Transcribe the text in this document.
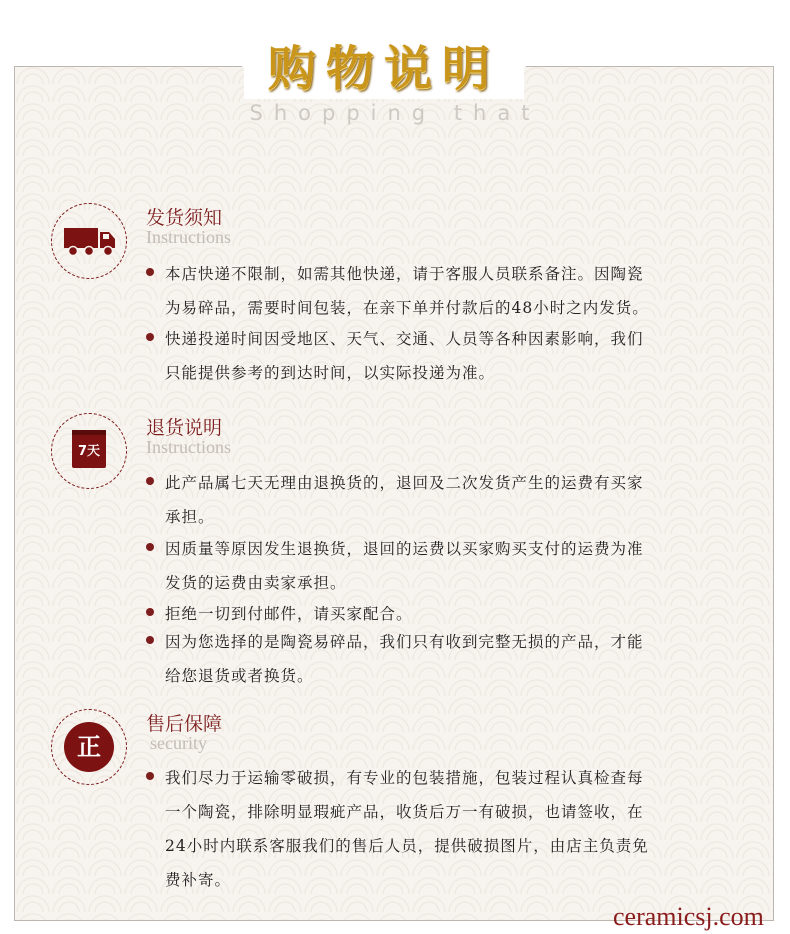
购物说明
Shopping that
发货须知
Instructions
本店快递不限制，如需其他快递，请于客服人员联系备注。因陶瓷
为易碎品，需要时间包装，在亲下单并付款后的48小时之内发货。
快递投递时间因受地区、天气、交通、人员等各种因素影响，我们
只能提供参考的到达时间，以实际投递为准。
7天
退货说明
Instructions
此产品属七天无理由退换货的，退回及二次发货产生的运费有买家
承担。
因质量等原因发生退换货，退回的运费以买家购买支付的运费为准
发货的运费由卖家承担。
拒绝一切到付邮件，请买家配合。
因为您选择的是陶瓷易碎品，我们只有收到完整无损的产品，才能
给您退货或者换货。
正
售后保障
security
我们尽力于运输零破损，有专业的包装措施，包装过程认真检查每
一个陶瓷，排除明显瑕疵产品，收货后万一有破损，也请签收，在
24小时内联系客服我们的售后人员，提供破损图片，由店主负责免
费补寄。
ceramicsj.com
